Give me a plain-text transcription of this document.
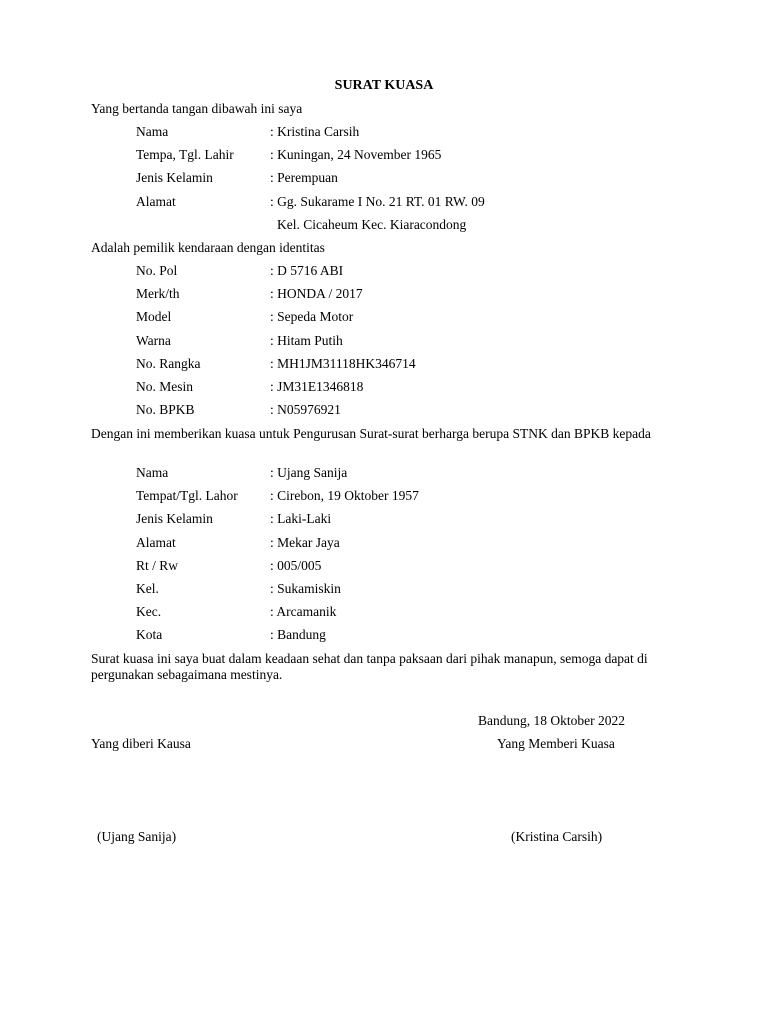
SURAT KUASA
Yang bertanda tangan dibawah ini saya
Nama	: Kristina Carsih
Tempa, Tgl. Lahir	: Kuningan, 24 November 1965
Jenis Kelamin	: Perempuan
Alamat	: Gg. Sukarame I No. 21 RT. 01 RW. 09
Kel. Cicaheum Kec. Kiaracondong
Adalah pemilik kendaraan dengan identitas
No. Pol	: D 5716 ABI
Merk/th	: HONDA / 2017
Model	: Sepeda Motor
Warna	: Hitam Putih
No. Rangka	: MH1JM31118HK346714
No. Mesin	: JM31E1346818
No. BPKB	: N05976921
Dengan ini memberikan kuasa untuk Pengurusan Surat-surat berharga berupa STNK dan BPKB kepada
Nama	: Ujang Sanija
Tempat/Tgl. Lahor : Cirebon, 19 Oktober 1957
Jenis Kelamin	: Laki-Laki
Alamat	: Mekar Jaya
Rt / Rw	: 005/005
Kel.	: Sukamiskin
Kec.	: Arcamanik
Kota	: Bandung
Surat kuasa ini saya buat dalam keadaan sehat dan tanpa paksaan dari pihak manapun, semoga dapat di pergunakan sebagaimana mestinya.
Bandung, 18 Oktober 2022
Yang diberi Kausa	Yang Memberi Kuasa
(Ujang Sanija)	(Kristina Carsih)
